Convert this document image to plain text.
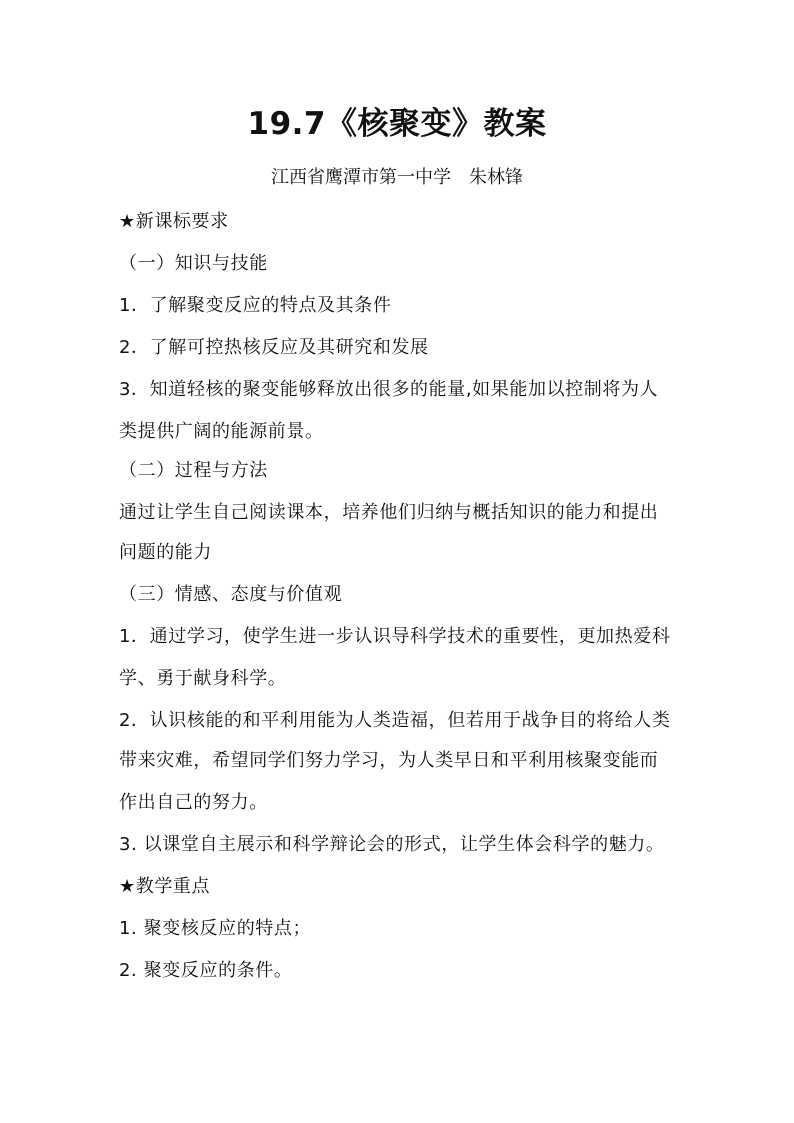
19.7《核聚变》教案
江西省鹰潭市第一中学　朱林锋
★新课标要求
（一）知识与技能
1．了解聚变反应的特点及其条件
2．了解可控热核反应及其研究和发展
3．知道轻核的聚变能够释放出很多的能量,如果能加以控制将为人
类提供广阔的能源前景。
（二）过程与方法
通过让学生自己阅读课本，培养他们归纳与概括知识的能力和提出
问题的能力
（三）情感、态度与价值观
1．通过学习，使学生进一步认识导科学技术的重要性，更加热爱科
学、勇于献身科学。
2．认识核能的和平利用能为人类造福，但若用于战争目的将给人类
带来灾难，希望同学们努力学习，为人类早日和平利用核聚变能而
作出自己的努力。
3. 以课堂自主展示和科学辩论会的形式，让学生体会科学的魅力。
★教学重点
1. 聚变核反应的特点；
2. 聚变反应的条件。
